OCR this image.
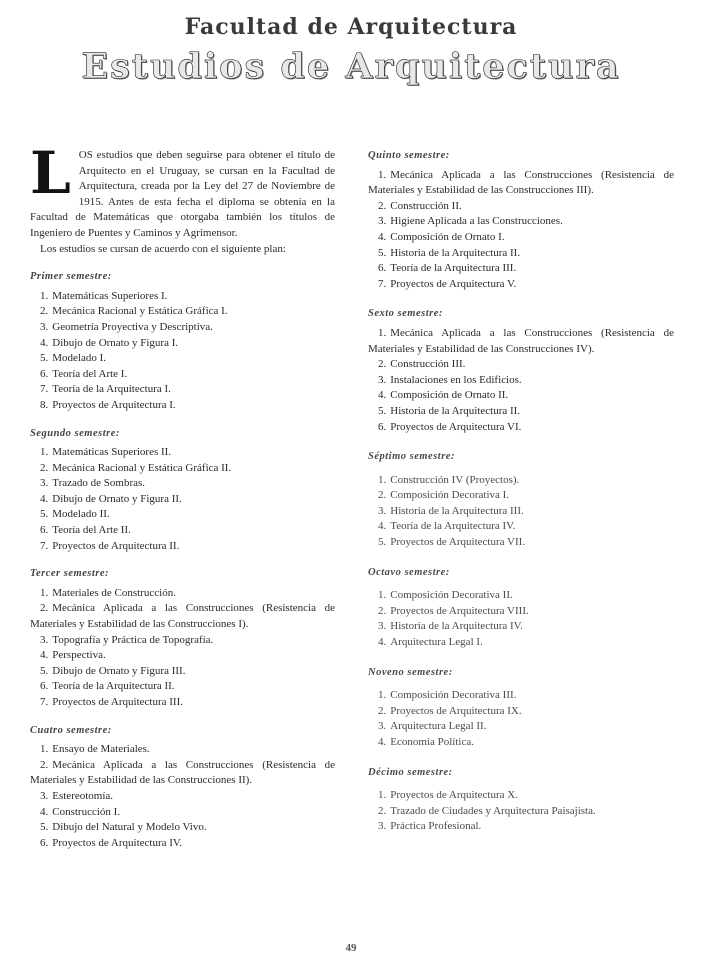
Facultad de Arquitectura
Estudios de Arquitectura

L OS estudios que deben seguirse para obtener el título de Arquitecto en el Uruguay, se cursan en la Facultad de Arquitectura, creada por la Ley del 27 de Noviembre de 1915. Antes de esta fecha el diploma se obtenía en la Facultad de Matemáticas que otorgaba también los títulos de Ingeniero de Puentes y Caminos y Agrimensor.

Los estudios se cursan de acuerdo con el siguiente plan:

Primer semestre:
1. Matemáticas Superiores I.
2. Mecánica Racional y Estática Gráfica I.
3. Geometría Proyectiva y Descriptiva.
4. Dibujo de Ornato y Figura I.
5. Modelado I.
6. Teoría del Arte I.
7. Teoría de la Arquitectura I.
8. Proyectos de Arquitectura I.
Segundo semestre:
1. Matemáticas Superiores II.
2. Mecánica Racional y Estática Gráfica II.
3. Trazado de Sombras.
4. Dibujo de Ornato y Figura II.
5. Modelado II.
6. Teoría del Arte II.
7. Proyectos de Arquitectura II.
Tercer semestre:
1. Materiales de Construcción.
2. Mecánica Aplicada a las Construcciones (Resistencia de Materiales y Estabilidad de las Construcciones I).
3. Topografía y Práctica de Topografía.
4. Perspectiva.
5. Dibujo de Ornato y Figura III.
6. Teoría de la Arquitectura II.
7. Proyectos de Arquitectura III.
Cuatro semestre:
1. Ensayo de Materiales.
2. Mecánica Aplicada a las Construcciones (Resistencia de Materiales y Estabilidad de las Construcciones II).
3. Estereotomía.
4. Construcción I.
5. Dibujo del Natural y Modelo Vivo.
6. Proyectos de Arquitectura IV.
Quinto semestre:
1. Mecánica Aplicada a las Construcciones (Resistencia de Materiales y Estabilidad de las Construcciones III).
2. Construcción II.
3. Higiene Aplicada a las Construcciones.
4. Composición de Ornato I.
5. Historia de la Arquitectura II.
6. Teoría de la Arquitectura III.
7. Proyectos de Arquitectura V.
Sexto semestre:
1. Mecánica Aplicada a las Construcciones (Resistencia de Materiales y Estabilidad de las Construcciones IV).
2. Construcción III.
3. Instalaciones en los Edificios.
4. Composición de Ornato II.
5. Historia de la Arquitectura II.
6. Proyectos de Arquitectura VI.
Séptimo semestre:
1. Construcción IV (Proyectos).
2. Composición Decorativa I.
3. Historia de la Arquitectura III.
4. Teoría de la Arquitectura IV.
5. Proyectos de Arquitectura VII.
Octavo semestre:
1. Composición Decorativa II.
2. Proyectos de Arquitectura VIII.
3. Historia de la Arquitectura IV.
4. Arquitectura Legal I.
Noveno semestre:
1. Composición Decorativa III.
2. Proyectos de Arquitectura IX.
3. Arquitectura Legal II.
4. Economía Política.
Décimo semestre:
1. Proyectos de Arquitectura X.
2. Trazado de Ciudades y Arquitectura Paisajista.
3. Práctica Profesional.
49
